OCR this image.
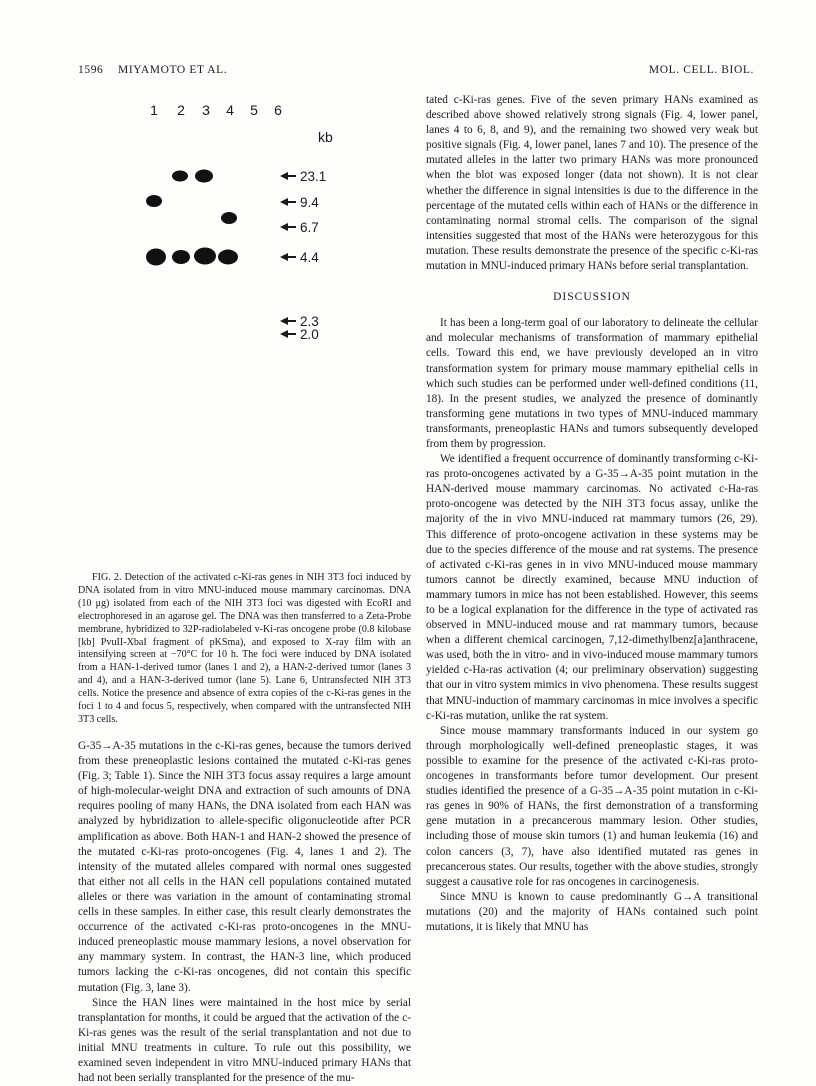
1596 MIYAMOTO ET AL.	MOL. CELL. BIOL.
1 2 3 4 5 6
kb
23.1
9.4
6.7
4.4
2.3
2.0

FIG. 2. Detection of the activated c-Ki-ras genes in NIH 3T3 foci induced by DNA isolated from in vitro MNU-induced mouse mammary carcinomas. DNA (10 μg) isolated from each of the NIH 3T3 foci was digested with EcoRI and electrophoresed in an agarose gel. The DNA was then transferred to a Zeta-Probe membrane, hybridized to 32P-radiolabeled v-Ki-ras oncogene probe (0.8 kilobase [kb] PvuII-XbaI fragment of pKSma), and exposed to X-ray film with an intensifying screen at −70°C for 10 h. The foci were induced by DNA isolated from a HAN-1-derived tumor (lanes 1 and 2), a HAN-2-derived tumor (lanes 3 and 4), and a HAN-3-derived tumor (lane 5). Lane 6, Untransfected NIH 3T3 cells. Notice the presence and absence of extra copies of the c-Ki-ras genes in the foci 1 to 4 and focus 5, respectively, when compared with the untransfected NIH 3T3 cells.

G-35→A-35 mutations in the c-Ki-ras genes, because the tumors derived from these preneoplastic lesions contained the mutated c-Ki-ras genes (Fig. 3; Table 1). Since the NIH 3T3 focus assay requires a large amount of high-molecular-weight DNA and extraction of such amounts of DNA requires pooling of many HANs, the DNA isolated from each HAN was analyzed by hybridization to allele-specific oligonucleotide after PCR amplification as above. Both HAN-1 and HAN-2 showed the presence of the mutated c-Ki-ras proto-oncogenes (Fig. 4, lanes 1 and 2). The intensity of the mutated alleles compared with normal ones suggested that either not all cells in the HAN cell populations contained mutated alleles or there was variation in the amount of contaminating stromal cells in these samples. In either case, this result clearly demonstrates the occurrence of the activated c-Ki-ras proto-oncogenes in the MNU-induced preneoplastic mouse mammary lesions, a novel observation for any mammary system. In contrast, the HAN-3 line, which produced tumors lacking the c-Ki-ras oncogenes, did not contain this specific mutation (Fig. 3, lane 3).

Since the HAN lines were maintained in the host mice by serial transplantation for months, it could be argued that the activation of the c-Ki-ras genes was the result of the serial transplantation and not due to initial MNU treatments in culture. To rule out this possibility, we examined seven independent in vitro MNU-induced primary HANs that had not been serially transplanted for the presence of the mu-

tated c-Ki-ras genes. Five of the seven primary HANs examined as described above showed relatively strong signals (Fig. 4, lower panel, lanes 4 to 6, 8, and 9), and the remaining two showed very weak but positive signals (Fig. 4, lower panel, lanes 7 and 10). The presence of the mutated alleles in the latter two primary HANs was more pronounced when the blot was exposed longer (data not shown). It is not clear whether the difference in signal intensities is due to the difference in the percentage of the mutated cells within each of HANs or the difference in contaminating normal stromal cells. The comparison of the signal intensities suggested that most of the HANs were heterozygous for this mutation. These results demonstrate the presence of the specific c-Ki-ras mutation in MNU-induced primary HANs before serial transplantation.

DISCUSSION

It has been a long-term goal of our laboratory to delineate the cellular and molecular mechanisms of transformation of mammary epithelial cells. Toward this end, we have previously developed an in vitro transformation system for primary mouse mammary epithelial cells in which such studies can be performed under well-defined conditions (11, 18). In the present studies, we analyzed the presence of dominantly transforming gene mutations in two types of MNU-induced mammary transformants, preneoplastic HANs and tumors subsequently developed from them by progression.

We identified a frequent occurrence of dominantly transforming c-Ki-ras proto-oncogenes activated by a G-35→A-35 point mutation in the HAN-derived mouse mammary carcinomas. No activated c-Ha-ras proto-oncogene was detected by the NIH 3T3 focus assay, unlike the majority of the in vivo MNU-induced rat mammary tumors (26, 29). This difference of proto-oncogene activation in these systems may be due to the species difference of the mouse and rat systems. The presence of activated c-Ki-ras genes in in vivo MNU-induced mouse mammary tumors cannot be directly examined, because MNU induction of mammary tumors in mice has not been established. However, this seems to be a logical explanation for the difference in the type of activated ras observed in MNU-induced mouse and rat mammary tumors, because when a different chemical carcinogen, 7,12-dimethylbenz[a]anthracene, was used, both the in vitro- and in vivo-induced mouse mammary tumors yielded c-Ha-ras activation (4; our preliminary observation) suggesting that our in vitro system mimics in vivo phenomena. These results suggest that MNU-induction of mammary carcinomas in mice involves a specific c-Ki-ras mutation, unlike the rat system.

Since mouse mammary transformants induced in our system go through morphologically well-defined preneoplastic stages, it was possible to examine for the presence of the activated c-Ki-ras proto-oncogenes in transformants before tumor development. Our present studies identified the presence of a G-35→A-35 point mutation in c-Ki-ras genes in 90% of HANs, the first demonstration of a transforming gene mutation in a precancerous mammary lesion. Other studies, including those of mouse skin tumors (1) and human leukemia (16) and colon cancers (3, 7), have also identified mutated ras genes in precancerous states. Our results, together with the above studies, strongly suggest a causative role for ras oncogenes in carcinogenesis.

Since MNU is known to cause predominantly G→A transitional mutations (20) and the majority of HANs contained such point mutations, it is likely that MNU has
